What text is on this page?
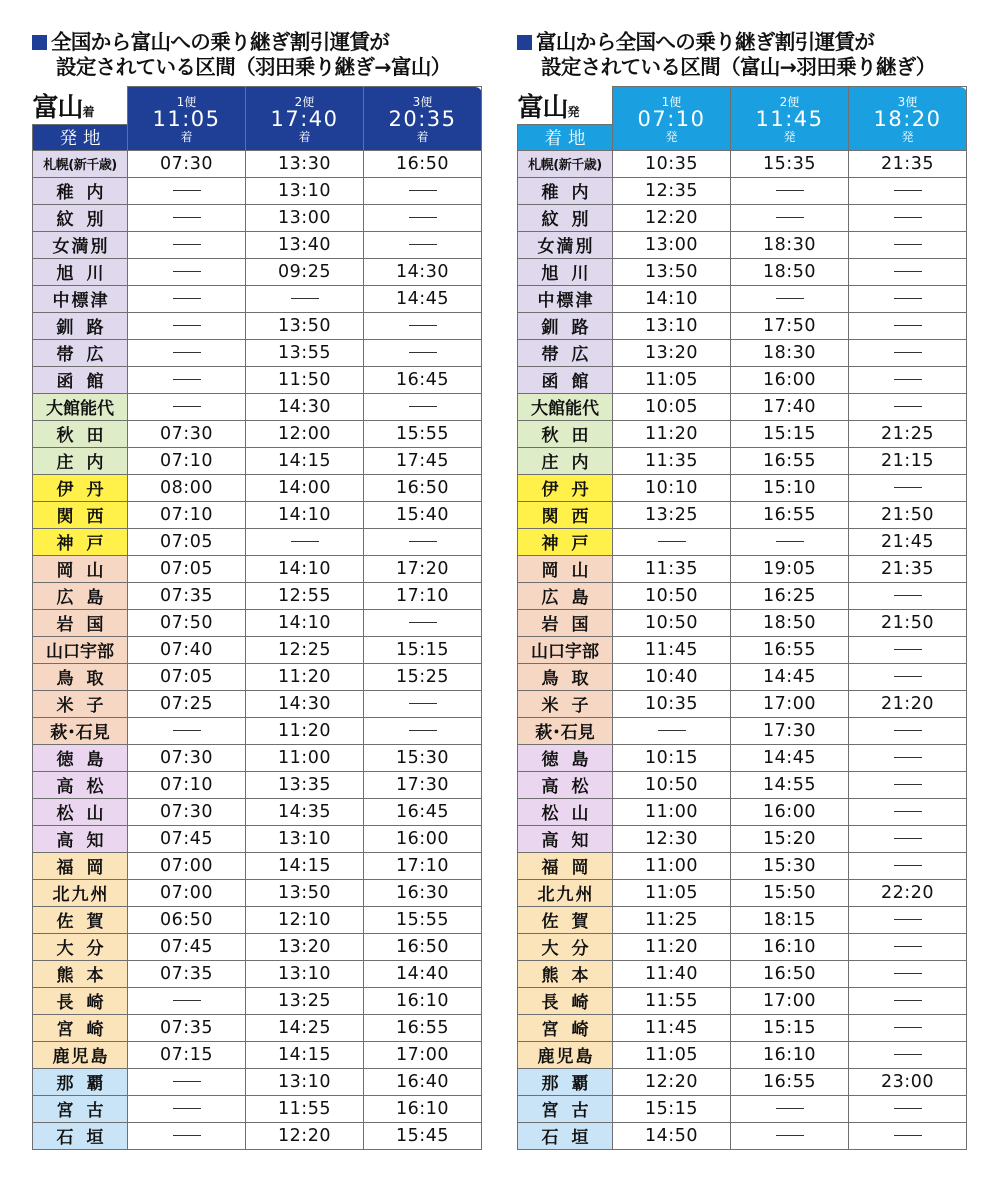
全国から富山への乗り継ぎ割引運賃が
設定されている区間（羽田乗り継ぎ→富山）
富山着	1便
11:05
着	2便
17:40
着	3便
20:35
着

発地			
札幌(新千歳)	07:30	13:30	16:50
稚内		13:10	
紋別		13:00	
女満別		13:40	
旭川		09:25	14:30
中標津			14:45
釧路		13:50	
帯広		13:55	
函館		11:50	16:45
大館能代		14:30	
秋田	07:30	12:00	15:55
庄内	07:10	14:15	17:45
伊丹	08:00	14:00	16:50
関西	07:10	14:10	15:40
神戸	07:05		
岡山	07:05	14:10	17:20
広島	07:35	12:55	17:10
岩国	07:50	14:10	
山口宇部	07:40	12:25	15:15
鳥取	07:05	11:20	15:25
米子	07:25	14:30	
萩･石見		11:20	
徳島	07:30	11:00	15:30
高松	07:10	13:35	17:30
松山	07:30	14:35	16:45
高知	07:45	13:10	16:00
福岡	07:00	14:15	17:10
北九州	07:00	13:50	16:30
佐賀	06:50	12:10	15:55
大分	07:45	13:20	16:50
熊本	07:35	13:10	14:40
長崎		13:25	16:10
宮崎	07:35	14:25	16:55
鹿児島	07:15	14:15	17:00
那覇		13:10	16:40
宮古		11:55	16:10
石垣		12:20	15:45
富山から全国への乗り継ぎ割引運賃が
設定されている区間（富山→羽田乗り継ぎ）
富山発	1便
07:10
発	2便
11:45
発	3便
18:20
発

着地			
札幌(新千歳)	10:35	15:35	21:35
稚内	12:35		
紋別	12:20		
女満別	13:00	18:30	
旭川	13:50	18:50	
中標津	14:10		
釧路	13:10	17:50	
帯広	13:20	18:30	
函館	11:05	16:00	
大館能代	10:05	17:40	
秋田	11:20	15:15	21:25
庄内	11:35	16:55	21:15
伊丹	10:10	15:10	
関西	13:25	16:55	21:50
神戸			21:45
岡山	11:35	19:05	21:35
広島	10:50	16:25	
岩国	10:50	18:50	21:50
山口宇部	11:45	16:55	
鳥取	10:40	14:45	
米子	10:35	17:00	21:20
萩･石見		17:30	
徳島	10:15	14:45	
高松	10:50	14:55	
松山	11:00	16:00	
高知	12:30	15:20	
福岡	11:00	15:30	
北九州	11:05	15:50	22:20
佐賀	11:25	18:15	
大分	11:20	16:10	
熊本	11:40	16:50	
長崎	11:55	17:00	
宮崎	11:45	15:15	
鹿児島	11:05	16:10	
那覇	12:20	16:55	23:00
宮古	15:15		
石垣	14:50		
